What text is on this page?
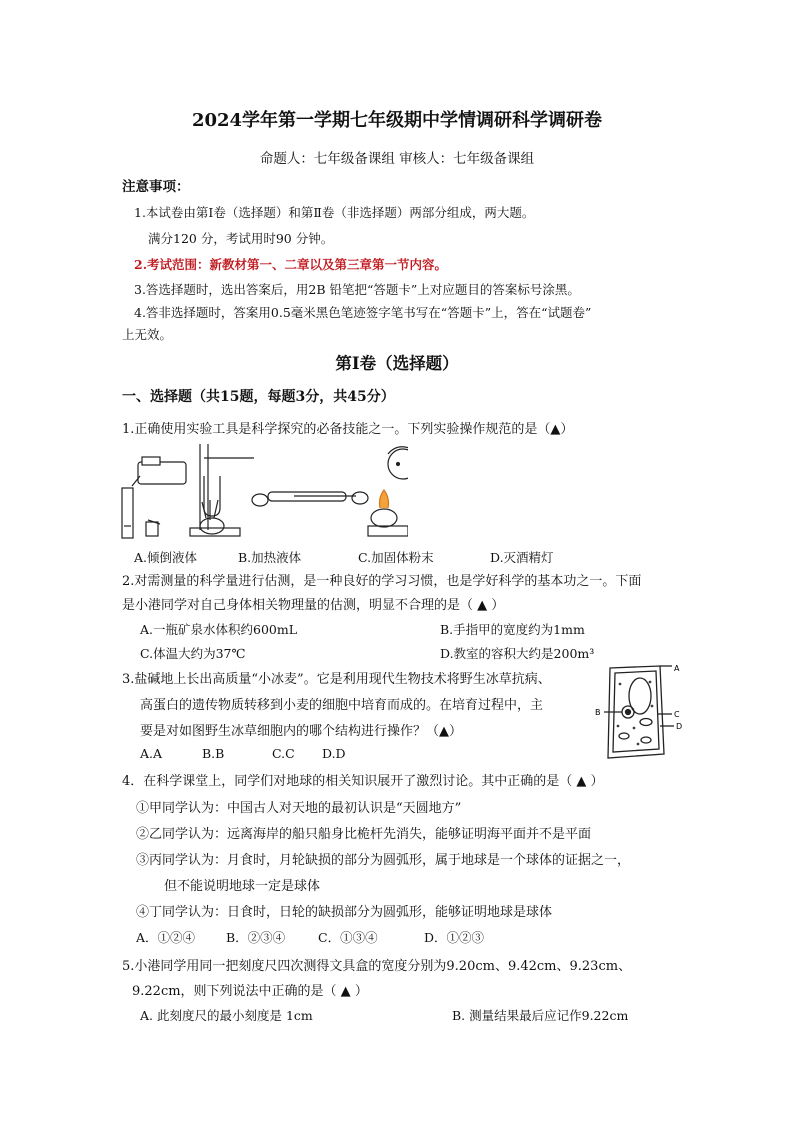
2024学年第一学期七年级期中学情调研科学调研卷
命题人：七年级备课组 审核人：七年级备课组
注意事项：
1.本试卷由第Ⅰ卷（选择题）和第Ⅱ卷（非选择题）两部分组成，两大题。
满分120 分，考试用时90 分钟。
2.考试范围：新教材第一、二章以及第三章第一节内容。
3.答选择题时，选出答案后，用2B 铅笔把“答题卡”上对应题目的答案标号涂黑。
4.答非选择题时，答案用0.5毫米黑色笔迹签字笔书写在“答题卡”上，答在“试题卷”
上无效。
第Ⅰ卷（选择题）
一、选择题（共15题，每题3分，共45分）
1.正确使用实验工具是科学探究的必备技能之一。下列实验操作规范的是（▲）
A.倾倒液体	B.加热液体	C.加固体粉末	D.灭酒精灯
2.对需测量的科学量进行估测，是一种良好的学习习惯，也是学好科学的基本功之一。下面
是小港同学对自己身体相关物理量的估测，明显不合理的是（ ▲ ）
A.一瓶矿泉水体积约600mL	B.手指甲的宽度约为1mm
C.体温大约为37℃	D.教室的容积大约是200m³
3.盐碱地上长出高质量“小冰麦”。它是利用现代生物技术将野生冰草抗病、
高蛋白的遗传物质转移到小麦的细胞中培育而成的。在培育过程中，主
要是对如图野生冰草细胞内的哪个结构进行操作？（▲）
A.A	B.B	C.C D.D
A
B	C
D
4．在科学课堂上，同学们对地球的相关知识展开了激烈讨论。其中正确的是（ ▲ ）
①甲同学认为：中国古人对天地的最初认识是“天圆地方”
②乙同学认为：远离海岸的船只船身比桅杆先消失，能够证明海平面并不是平面
③丙同学认为：月食时，月轮缺损的部分为圆弧形，属于地球是一个球体的证据之一，
但不能说明地球一定是球体
④丁同学认为：日食时，日轮的缺损部分为圆弧形，能够证明地球是球体
A．①②④ B．②③④	C．①③④	D．①②③
5.小港同学用同一把刻度尺四次测得文具盒的宽度分别为9.20cm、9.42cm、9.23cm、
9.22cm，则下列说法中正确的是（ ▲ ）
A. 此刻度尺的最小刻度是 1cm	B. 测量结果最后应记作9.22cm
